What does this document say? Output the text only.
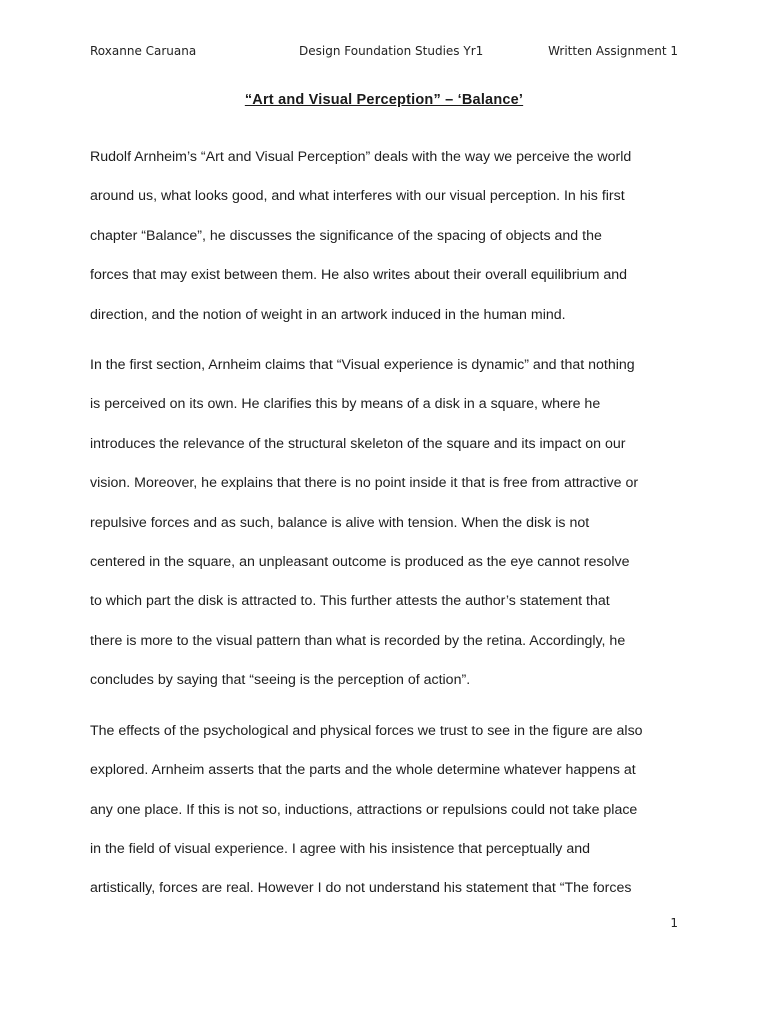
Roxanne Caruana	Design Foundation Studies Yr1	Written Assignment 1
“Art and Visual Perception” – ‘Balance’

Rudolf Arnheim’s “Art and Visual Perception” deals with the way we perceive the world

around us, what looks good, and what interferes with our visual perception. In his first

chapter “Balance”, he discusses the significance of the spacing of objects and the

forces that may exist between them. He also writes about their overall equilibrium and

direction, and the notion of weight in an artwork induced in the human mind.

In the first section, Arnheim claims that “Visual experience is dynamic” and that nothing

is perceived on its own. He clarifies this by means of a disk in a square, where he

introduces the relevance of the structural skeleton of the square and its impact on our

vision. Moreover, he explains that there is no point inside it that is free from attractive or

repulsive forces and as such, balance is alive with tension. When the disk is not

centered in the square, an unpleasant outcome is produced as the eye cannot resolve

to which part the disk is attracted to. This further attests the author’s statement that

there is more to the visual pattern than what is recorded by the retina. Accordingly, he

concludes by saying that “seeing is the perception of action”.

The effects of the psychological and physical forces we trust to see in the figure are also

explored. Arnheim asserts that the parts and the whole determine whatever happens at

any one place. If this is not so, inductions, attractions or repulsions could not take place

in the field of visual experience. I agree with his insistence that perceptually and

artistically, forces are real. However I do not understand his statement that “The forces

1
